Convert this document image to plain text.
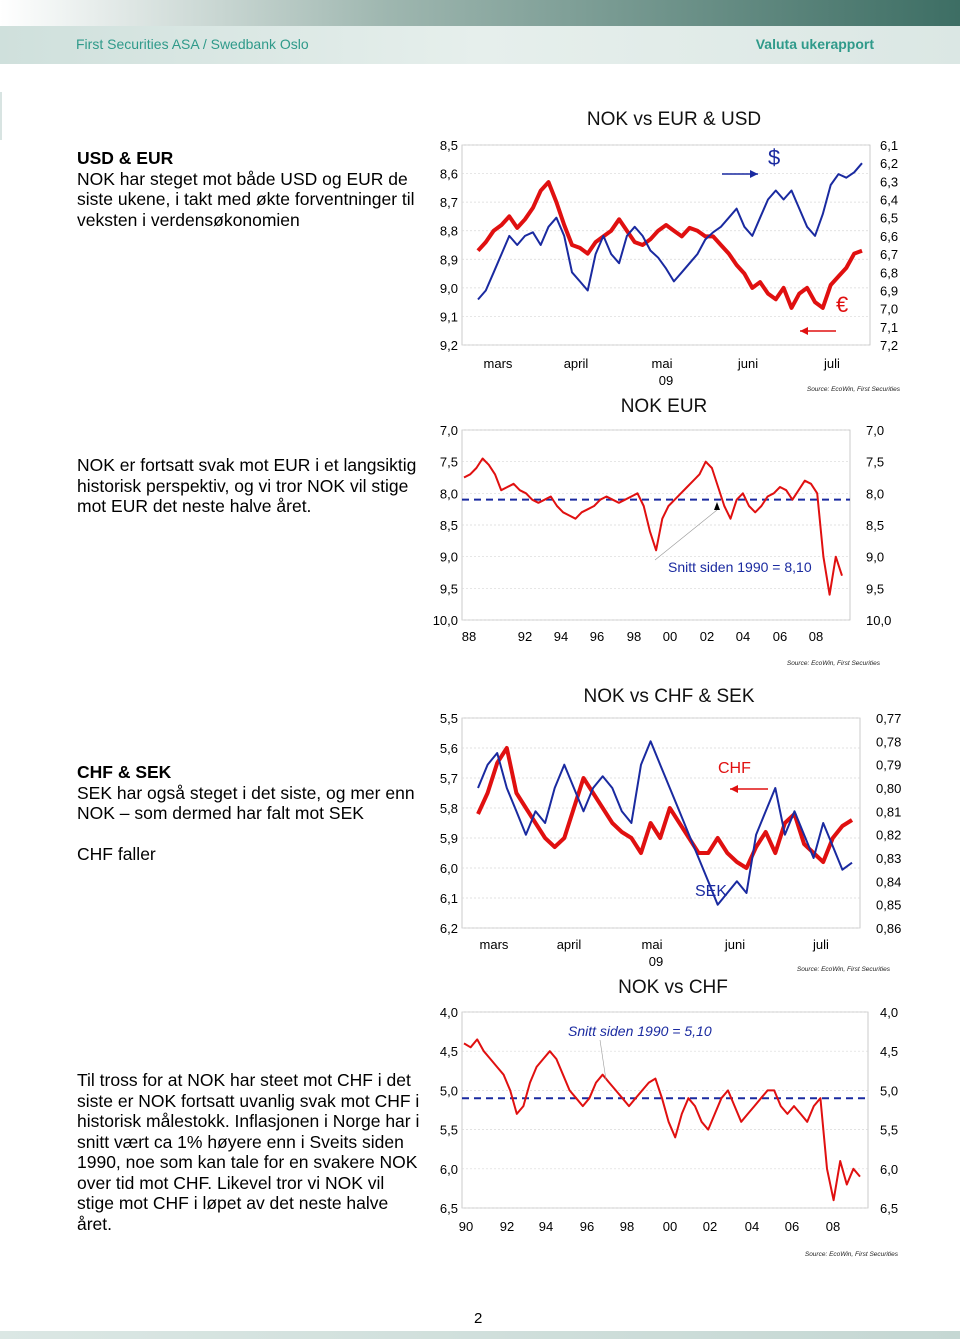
First Securities ASA / Swedbank Oslo	Valuta ukerapport
USD & EUR

NOK har steget mot både USD og EUR de siste ukene, i takt med økte forventninger til veksten i verdensøkonomien

NOK er fortsatt svak mot EUR i et langsiktig historisk perspektiv, og vi tror NOK vil stige mot EUR det neste halve året.

CHF & SEK

SEK har også steget i det siste, og mer enn NOK – som dermed har falt mot SEK

CHF faller

Til tross for at NOK har steet mot CHF i det siste er NOK fortsatt uvanlig svak mot CHF i historisk målestokk. Inflasjonen i Norge har i snitt vært ca 1% høyere enn i Sveits siden 1990, noe som kan tale for en svakere NOK over tid mot CHF. Likevel tror vi NOK vil stige mot CHF i løpet av det neste halve året.

NOK vs EUR & USD
Source: EcoWin, First Securities
mars	april	mai	juni	juli
09
8,5
8,6
8,7
8,8
8,9
9,0
9,1
9,2
6,1
6,2
6,3
6,4
6,5
6,6
6,7
6,8
6,9
7,0
7,1
7,2
NOK EUR
Source: EcoWin, First Securities
88	92 94 96 98 00 02 04 06 08
7,0	7,0
7,5	7,5
8,0	8,0
8,5	8,5
9,0	9,0
9,5	9,5
10,0	10,0
NOK vs CHF & SEK
Source: EcoWin, First Securities
mars	april	mai	juni	juli
09
5,5
5,6
5,7
5,8
5,9
6,0
6,1
6,2
0,77
0,78
0,79
0,80
0,81
0,82
0,83
0,84
0,85
0,86
NOK vs CHF
Source: EcoWin, First Securities
90 92 94 96 98 00 02 04 06 08
4,0	4,0
4,5	4,5
5,0	5,0
5,5	5,5
6,0	6,0
6,5	6,5
$
€
Snitt siden 1990 = 8,10
CHF
SEK
Snitt siden 1990 = 5,10
2
